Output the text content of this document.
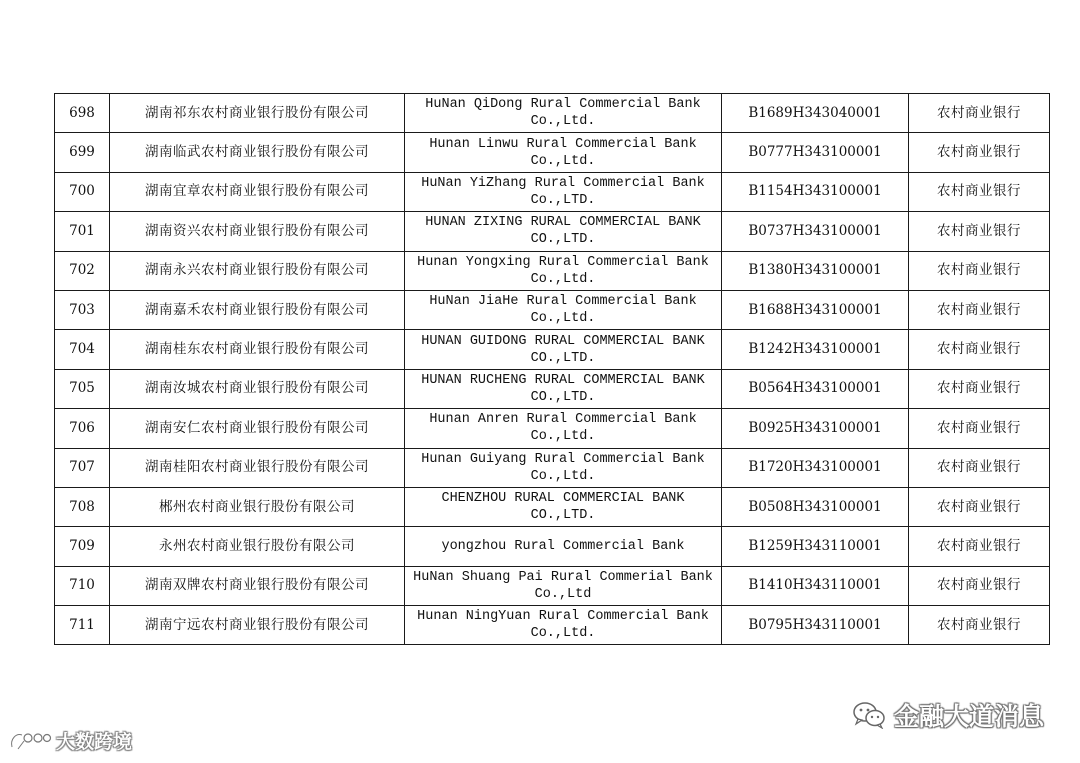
698	湖南祁东农村商业银行股份有限公司	HuNan QiDong Rural Commercial Bank Co.,Ltd.	B1689H343040001	农村商业银行
699	湖南临武农村商业银行股份有限公司	Hunan Linwu Rural Commercial Bank Co.,Ltd.	B0777H343100001	农村商业银行
700	湖南宜章农村商业银行股份有限公司	HuNan YiZhang Rural Commercial Bank Co.,LTD.	B1154H343100001	农村商业银行
701	湖南资兴农村商业银行股份有限公司	HUNAN ZIXING RURAL COMMERCIAL BANK CO.,LTD.	B0737H343100001	农村商业银行
702	湖南永兴农村商业银行股份有限公司	Hunan Yongxing Rural Commercial Bank Co.,Ltd.	B1380H343100001	农村商业银行
703	湖南嘉禾农村商业银行股份有限公司	HuNan JiaHe Rural Commercial Bank Co.,Ltd.	B1688H343100001	农村商业银行
704	湖南桂东农村商业银行股份有限公司	HUNAN GUIDONG RURAL COMMERCIAL BANK CO.,LTD.	B1242H343100001	农村商业银行
705	湖南汝城农村商业银行股份有限公司	HUNAN RUCHENG RURAL COMMERCIAL BANK CO.,LTD.	B0564H343100001	农村商业银行
706	湖南安仁农村商业银行股份有限公司	Hunan Anren Rural Commercial Bank Co.,Ltd.	B0925H343100001	农村商业银行
707	湖南桂阳农村商业银行股份有限公司	Hunan Guiyang Rural Commercial Bank Co.,Ltd.	B1720H343100001	农村商业银行
708	郴州农村商业银行股份有限公司	CHENZHOU RURAL COMMERCIAL BANK CO.,LTD.	B0508H343100001	农村商业银行
709	永州农村商业银行股份有限公司	yongzhou Rural Commercial Bank	B1259H343110001	农村商业银行
710	湖南双牌农村商业银行股份有限公司	HuNan Shuang Pai Rural Commerial Bank Co.,Ltd	B1410H343110001	农村商业银行
711	湖南宁远农村商业银行股份有限公司	Hunan NingYuan Rural Commercial Bank Co.,Ltd.	B0795H343110001	农村商业银行
金融大道消息
大数跨境
